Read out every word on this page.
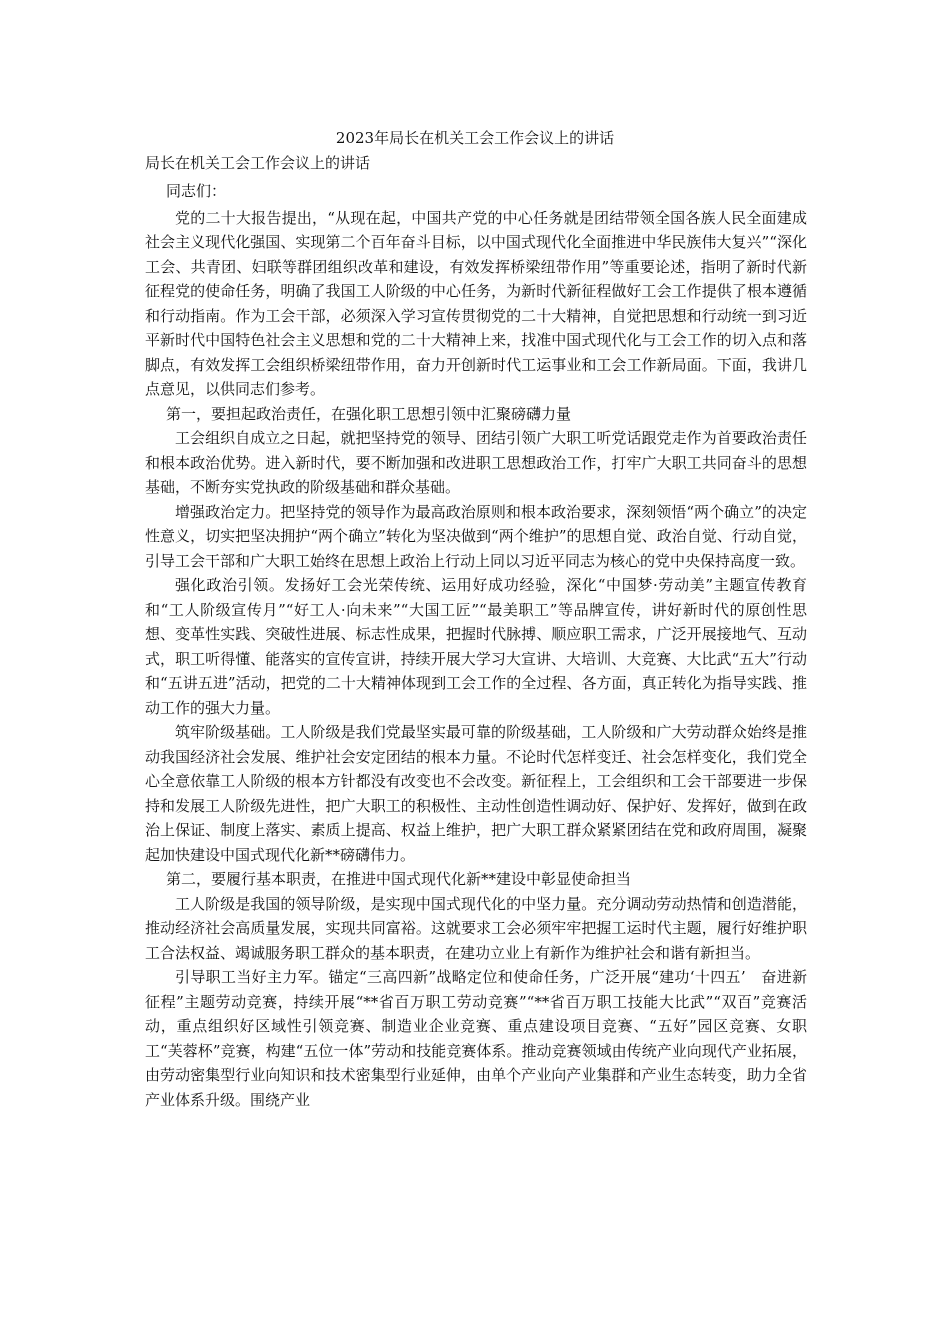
2023年局长在机关工会工作会议上的讲话
局长在机关工会工作会议上的讲话

同志们：

党的二十大报告提出，“从现在起，中国共产党的中心任务就是团结带领全国各族人民全面建成社会主义现代化强国、实现第二个百年奋斗目标，以中国式现代化全面推进中华民族伟大复兴”“深化工会、共青团、妇联等群团组织改革和建设，有效发挥桥梁纽带作用”等重要论述，指明了新时代新征程党的使命任务，明确了我国工人阶级的中心任务，为新时代新征程做好工会工作提供了根本遵循和行动指南。作为工会干部，必须深入学习宣传贯彻党的二十大精神，自觉把思想和行动统一到习近平新时代中国特色社会主义思想和党的二十大精神上来，找准中国式现代化与工会工作的切入点和落脚点，有效发挥工会组织桥梁纽带作用，奋力开创新时代工运事业和工会工作新局面。下面，我讲几点意见，以供同志们参考。

第一，要担起政治责任，在强化职工思想引领中汇聚磅礴力量

工会组织自成立之日起，就把坚持党的领导、团结引领广大职工听党话跟党走作为首要政治责任和根本政治优势。进入新时代，要不断加强和改进职工思想政治工作，打牢广大职工共同奋斗的思想基础，不断夯实党执政的阶级基础和群众基础。

增强政治定力。把坚持党的领导作为最高政治原则和根本政治要求，深刻领悟“两个确立”的决定性意义，切实把坚决拥护“两个确立”转化为坚决做到“两个维护”的思想自觉、政治自觉、行动自觉，引导工会干部和广大职工始终在思想上政治上行动上同以习近平同志为核心的党中央保持高度一致。

强化政治引领。发扬好工会光荣传统、运用好成功经验，深化“中国梦·劳动美”主题宣传教育和“工人阶级宣传月”“好工人·向未来”“大国工匠”“最美职工”等品牌宣传，讲好新时代的原创性思想、变革性实践、突破性进展、标志性成果，把握时代脉搏、顺应职工需求，广泛开展接地气、互动式，职工听得懂、能落实的宣传宣讲，持续开展大学习大宣讲、大培训、大竞赛、大比武“五大”行动和“五讲五进”活动，把党的二十大精神体现到工会工作的全过程、各方面，真正转化为指导实践、推动工作的强大力量。

筑牢阶级基础。工人阶级是我们党最坚实最可靠的阶级基础，工人阶级和广大劳动群众始终是推动我国经济社会发展、维护社会安定团结的根本力量。不论时代怎样变迁、社会怎样变化，我们党全心全意依靠工人阶级的根本方针都没有改变也不会改变。新征程上，工会组织和工会干部要进一步保持和发展工人阶级先进性，把广大职工的积极性、主动性创造性调动好、保护好、发挥好，做到在政治上保证、制度上落实、素质上提高、权益上维护，把广大职工群众紧紧团结在党和政府周围，凝聚起加快建设中国式现代化新**磅礴伟力。

第二，要履行基本职责，在推进中国式现代化新**建设中彰显使命担当

工人阶级是我国的领导阶级，是实现中国式现代化的中坚力量。充分调动劳动热情和创造潜能，推动经济社会高质量发展，实现共同富裕。这就要求工会必须牢牢把握工运时代主题，履行好维护职工合法权益、竭诚服务职工群众的基本职责，在建功立业上有新作为维护社会和谐有新担当。

引导职工当好主力军。锚定“三高四新”战略定位和使命任务，广泛开展“建功‘十四五’　奋进新征程”主题劳动竞赛，持续开展“**省百万职工劳动竞赛”“**省百万职工技能大比武”“双百”竞赛活动，重点组织好区域性引领竞赛、制造业企业竞赛、重点建设项目竞赛、“五好”园区竞赛、女职工“芙蓉杯”竞赛，构建“五位一体”劳动和技能竞赛体系。推动竞赛领域由传统产业向现代产业拓展，由劳动密集型行业向知识和技术密集型行业延伸，由单个产业向产业集群和产业生态转变，助力全省产业体系升级。围绕产业
